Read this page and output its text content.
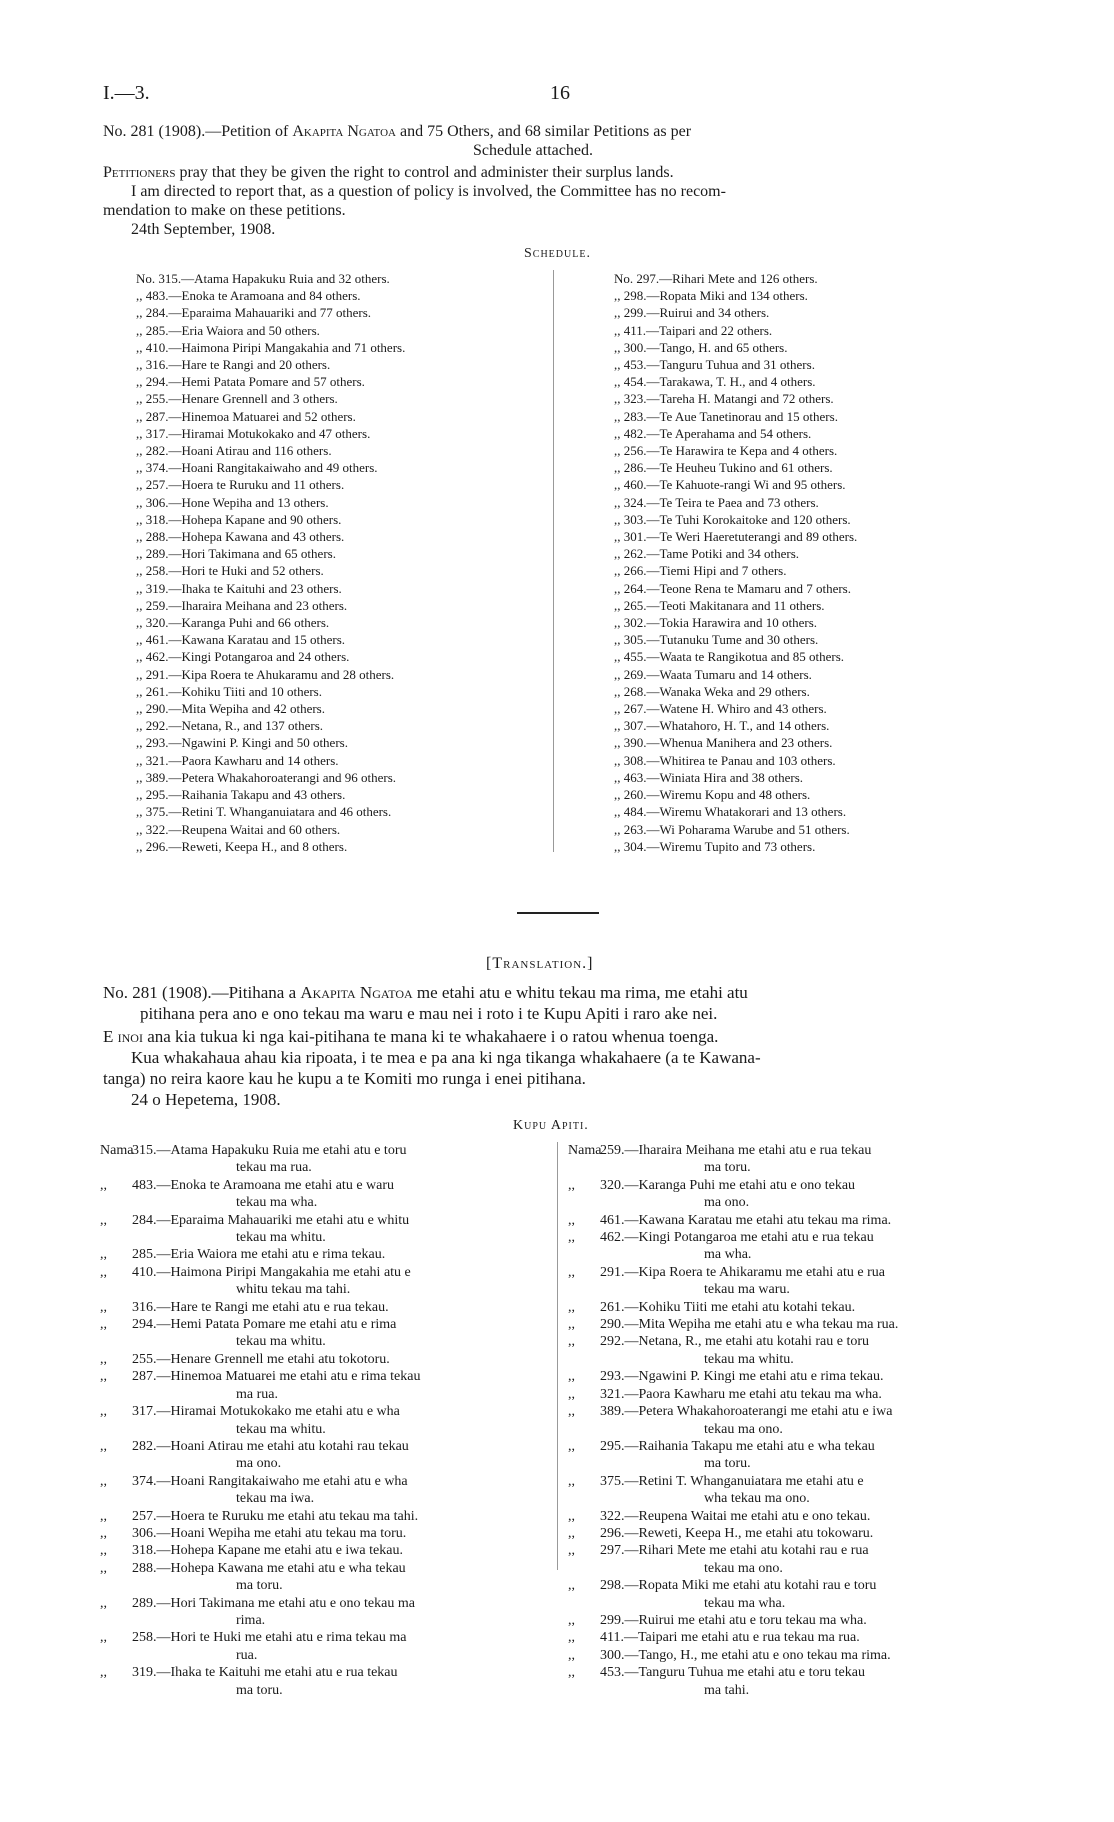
I.—3.	16
No. 281 (1908).—Petition of Akapita Ngatoa and 75 Others, and 68 similar Petitions as per
Schedule attached.
Petitioners pray that they be given the right to control and administer their surplus lands.
I am directed to report that, as a question of policy is involved, the Committee has no recom-
mendation to make on these petitions.
24th September, 1908.
Schedule.
No. 315.—Atama Hapakuku Ruia and 32 others.
,, 483.—Enoka te Aramoana and 84 others.
,, 284.—Eparaima Mahauariki and 77 others.
,, 285.—Eria Waiora and 50 others.
,, 410.—Haimona Piripi Mangakahia and 71 others.
,, 316.—Hare te Rangi and 20 others.
,, 294.—Hemi Patata Pomare and 57 others.
,, 255.—Henare Grennell and 3 others.
,, 287.—Hinemoa Matuarei and 52 others.
,, 317.—Hiramai Motukokako and 47 others.
,, 282.—Hoani Atirau and 116 others.
,, 374.—Hoani Rangitakaiwaho and 49 others.
,, 257.—Hoera te Ruruku and 11 others.
,, 306.—Hone Wepiha and 13 others.
,, 318.—Hohepa Kapane and 90 others.
,, 288.—Hohepa Kawana and 43 others.
,, 289.—Hori Takimana and 65 others.
,, 258.—Hori te Huki and 52 others.
,, 319.—Ihaka te Kaituhi and 23 others.
,, 259.—Iharaira Meihana and 23 others.
,, 320.—Karanga Puhi and 66 others.
,, 461.—Kawana Karatau and 15 others.
,, 462.—Kingi Potangaroa and 24 others.
,, 291.—Kipa Roera te Ahukaramu and 28 others.
,, 261.—Kohiku Tiiti and 10 others.
,, 290.—Mita Wepiha and 42 others.
,, 292.—Netana, R., and 137 others.
,, 293.—Ngawini P. Kingi and 50 others.
,, 321.—Paora Kawharu and 14 others.
,, 389.—Petera Whakahoroaterangi and 96 others.
,, 295.—Raihania Takapu and 43 others.
,, 375.—Retini T. Whanganuiatara and 46 others.
,, 322.—Reupena Waitai and 60 others.
,, 296.—Reweti, Keepa H., and 8 others.
No. 297.—Rihari Mete and 126 others.
,, 298.—Ropata Miki and 134 others.
,, 299.—Ruirui and 34 others.
,, 411.—Taipari and 22 others.
,, 300.—Tango, H. and 65 others.
,, 453.—Tanguru Tuhua and 31 others.
,, 454.—Tarakawa, T. H., and 4 others.
,, 323.—Tareha H. Matangi and 72 others.
,, 283.—Te Aue Tanetinorau and 15 others.
,, 482.—Te Aperahama and 54 others.
,, 256.—Te Harawira te Kepa and 4 others.
,, 286.—Te Heuheu Tukino and 61 others.
,, 460.—Te Kahuote-rangi Wi and 95 others.
,, 324.—Te Teira te Paea and 73 others.
,, 303.—Te Tuhi Korokaitoke and 120 others.
,, 301.—Te Weri Haeretuterangi and 89 others.
,, 262.—Tame Potiki and 34 others.
,, 266.—Tiemi Hipi and 7 others.
,, 264.—Teone Rena te Mamaru and 7 others.
,, 265.—Teoti Makitanara and 11 others.
,, 302.—Tokia Harawira and 10 others.
,, 305.—Tutanuku Tume and 30 others.
,, 455.—Waata te Rangikotua and 85 others.
,, 269.—Waata Tumaru and 14 others.
,, 268.—Wanaka Weka and 29 others.
,, 267.—Watene H. Whiro and 43 others.
,, 307.—Whatahoro, H. T., and 14 others.
,, 390.—Whenua Manihera and 23 others.
,, 308.—Whitirea te Panau and 103 others.
,, 463.—Winiata Hira and 38 others.
,, 260.—Wiremu Kopu and 48 others.
,, 484.—Wiremu Whatakorari and 13 others.
,, 263.—Wi Poharama Warube and 51 others.
,, 304.—Wiremu Tupito and 73 others.
[Translation.]
No. 281 (1908).—Pitihana a Akapita Ngatoa me etahi atu e whitu tekau ma rima, me etahi atu
pitihana pera ano e ono tekau ma waru e mau nei i roto i te Kupu Apiti i raro ake nei.
E inoi ana kia tukua ki nga kai-pitihana te mana ki te whakahaere i o ratou whenua toenga.
Kua whakahaua ahau kia ripoata, i te mea e pa ana ki nga tikanga whakahaere (a te Kawana-
tanga) no reira kaore kau he kupu a te Komiti mo runga i enei pitihana.
24 o Hepetema, 1908.
Kupu Apiti.
Nama
315.—Atama Hapakuku Ruia me etahi atu e toru
tekau ma rua.
,,	483.—Enoka te Aramoana me etahi atu e waru
tekau ma wha.
,,	284.—Eparaima Mahauariki me etahi atu e whitu
tekau ma whitu.
,,	285.—Eria Waiora me etahi atu e rima tekau.
,,	410.—Haimona Piripi Mangakahia me etahi atu e
whitu tekau ma tahi.
,,	316.—Hare te Rangi me etahi atu e rua tekau.
,,	294.—Hemi Patata Pomare me etahi atu e rima
tekau ma whitu.
,,	255.—Henare Grennell me etahi atu tokotoru.
,,	287.—Hinemoa Matuarei me etahi atu e rima tekau
ma rua.
,,	317.—Hiramai Motukokako me etahi atu e wha
tekau ma whitu.
,,	282.—Hoani Atirau me etahi atu kotahi rau tekau
ma ono.
,,	374.—Hoani Rangitakaiwaho me etahi atu e wha
tekau ma iwa.
,,	257.—Hoera te Ruruku me etahi atu tekau ma tahi.
,,	306.—Hoani Wepiha me etahi atu tekau ma toru.
,,	318.—Hohepa Kapane me etahi atu e iwa tekau.
,,	288.—Hohepa Kawana me etahi atu e wha tekau
ma toru.
,,	289.—Hori Takimana me etahi atu e ono tekau ma
rima.
,,	258.—Hori te Huki me etahi atu e rima tekau ma
rua.
,,	319.—Ihaka te Kaituhi me etahi atu e rua tekau
ma toru.
Nama
259.—Iharaira Meihana me etahi atu e rua tekau
ma toru.
,,	320.—Karanga Puhi me etahi atu e ono tekau
ma ono.
,,	461.—Kawana Karatau me etahi atu tekau ma rima.
,,	462.—Kingi Potangaroa me etahi atu e rua tekau
ma wha.
,,	291.—Kipa Roera te Ahikaramu me etahi atu e rua
tekau ma waru.
,,	261.—Kohiku Tiiti me etahi atu kotahi tekau.
,,	290.—Mita Wepiha me etahi atu e wha tekau ma rua.
,,	292.—Netana, R., me etahi atu kotahi rau e toru
tekau ma whitu.
,,	293.—Ngawini P. Kingi me etahi atu e rima tekau.
,,	321.—Paora Kawharu me etahi atu tekau ma wha.
,,	389.—Petera Whakahoroaterangi me etahi atu e iwa
tekau ma ono.
,,	295.—Raihania Takapu me etahi atu e wha tekau
ma toru.
,,	375.—Retini T. Whanganuiatara me etahi atu e
wha tekau ma ono.
,,	322.—Reupena Waitai me etahi atu e ono tekau.
,,	296.—Reweti, Keepa H., me etahi atu tokowaru.
,,	297.—Rihari Mete me etahi atu kotahi rau e rua
tekau ma ono.
,,	298.—Ropata Miki me etahi atu kotahi rau e toru
tekau ma wha.
,,	299.—Ruirui me etahi atu e toru tekau ma wha.
,,	411.—Taipari me etahi atu e rua tekau ma rua.
,,	300.—Tango, H., me etahi atu e ono tekau ma rima.
,,	453.—Tanguru Tuhua me etahi atu e toru tekau
ma tahi.
